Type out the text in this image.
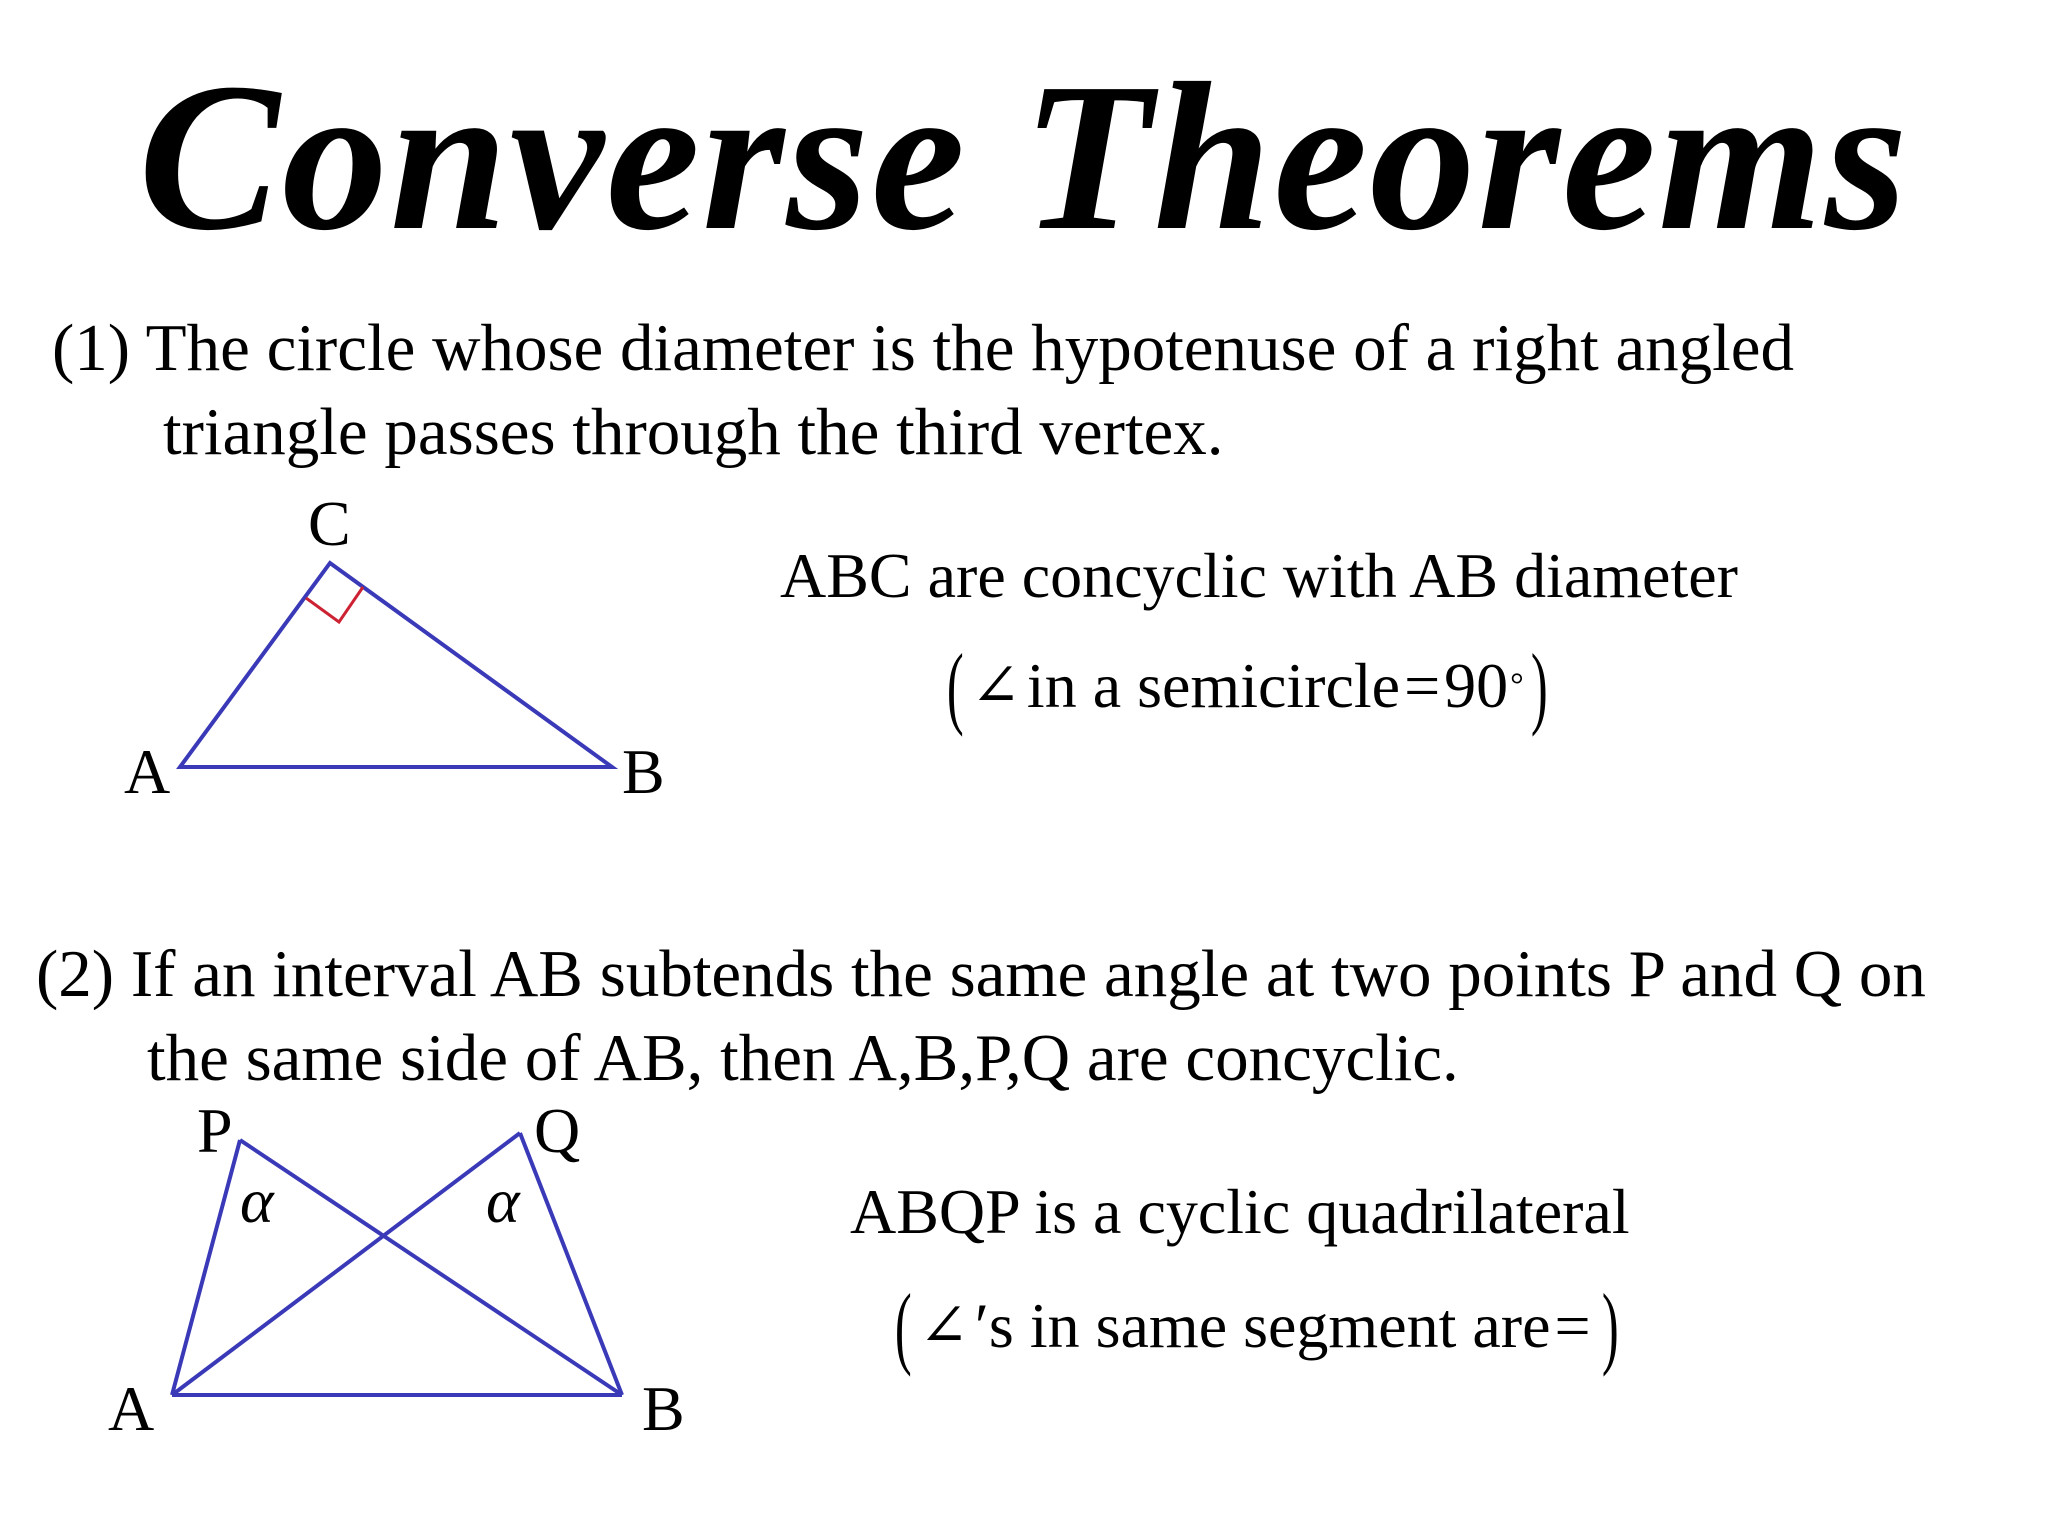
Converse Theorems
(1) The circle whose diameter is the hypotenuse of a right angled
triangle passes through the third vertex.
C
A	B
P	Q
A	B
α	α
ABC are concyclic with AB diameter
( ∠ in a semicircle = 90 ° )
(2) If an interval AB subtends the same angle at two points P and Q on
the same side of AB, then A,B,P,Q are concyclic.
ABQP is a cyclic quadrilateral
( ∠ ′s in same segment are = )
